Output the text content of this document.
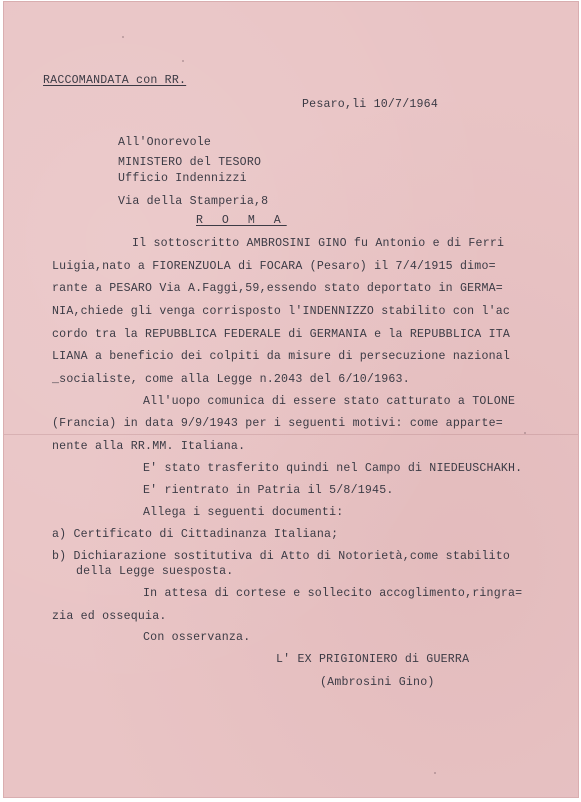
RACCOMANDATA con RR.
Pesaro,li 10/7/1964
All'Onorevole
MINISTERO del TESORO
Ufficio Indennizzi
Via della Stamperia,8
R O M A
Il sottoscritto AMBROSINI GINO fu Antonio e di Ferri
Luigia,nato a FIORENZUOLA di FOCARA (Pesaro) il 7/4/1915 dimo=
rante a PESARO Via A.Faggi,59,essendo stato deportato in GERMA=
NIA,chiede gli venga corrisposto l'INDENNIZZO stabilito con l'ac
cordo tra la REPUBBLICA FEDERALE di GERMANIA e la REPUBBLICA ITA
LIANA a beneficio dei colpiti da misure di persecuzione nazional
_socialiste, come alla Legge n.2043 del 6/10/1963.
All'uopo comunica di essere stato catturato a TOLONE
(Francia) in data 9/9/1943 per i seguenti motivi: come apparte=
nente alla RR.MM. Italiana.
E' stato trasferito quindi nel Campo di NIEDEUSCHAKH.
E' rientrato in Patria il 5/8/1945.
Allega i seguenti documenti:
a) Certificato di Cittadinanza Italiana;
b) Dichiarazione sostitutiva di Atto di Notorietà,come stabilito
della Legge suesposta.
In attesa di cortese e sollecito accoglimento,ringra=
zia ed ossequia.
Con osservanza.
L' EX PRIGIONIERO di GUERRA
(Ambrosini Gino)
